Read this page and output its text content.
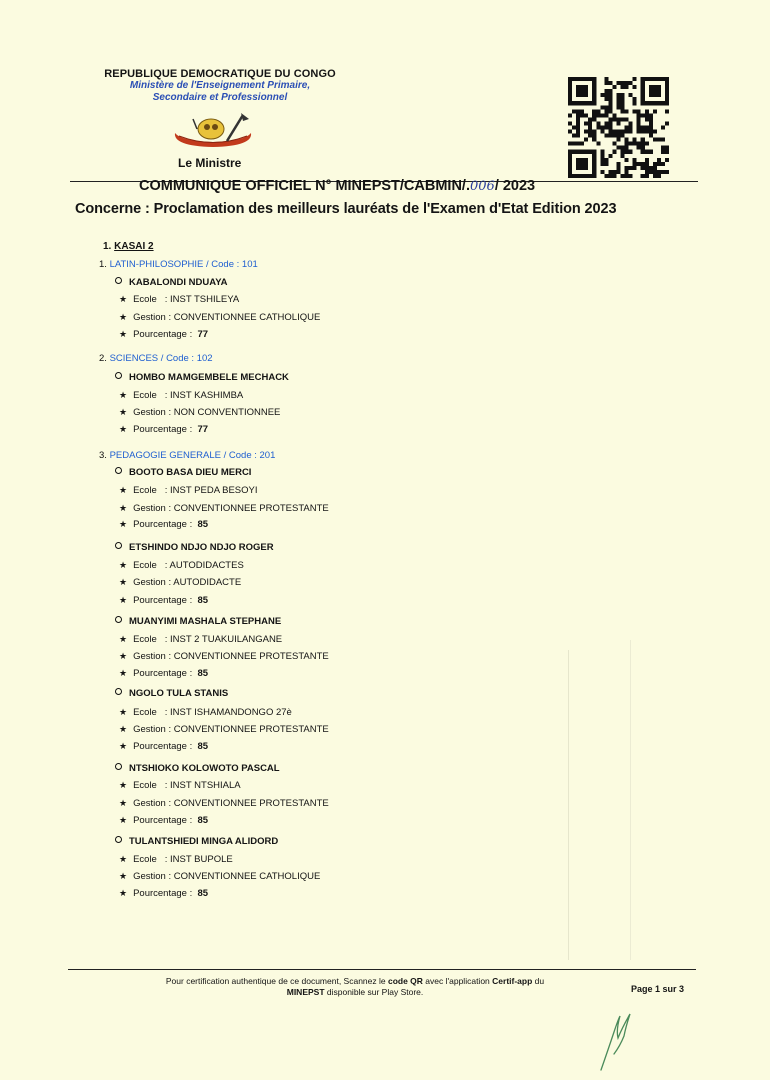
REPUBLIQUE DEMOCRATIQUE DU CONGO
Ministère de l'Enseignement Primaire,
Secondaire et Professionnel
Le Ministre
COMMUNIQUE OFFICIEL N° MINEPST/CABMIN/.006/ 2023
Concerne : Proclamation des meilleurs lauréats de l'Examen d'Etat Edition 2023
1. KASAI 2
1. LATIN-PHILOSOPHIE / Code : 101
KABALONDI NDUAYA
★ Ecole   : INST TSHILEYA
★ Gestion : CONVENTIONNEE CATHOLIQUE
★ Pourcentage :  77
2. SCIENCES / Code : 102
HOMBO MAMGEMBELE MECHACK
★ Ecole   : INST KASHIMBA
★ Gestion : NON CONVENTIONNEE
★ Pourcentage :  77
3. PEDAGOGIE GENERALE / Code : 201
BOOTO BASA DIEU MERCI
★ Ecole   : INST PEDA BESOYI
★ Gestion : CONVENTIONNEE PROTESTANTE
★ Pourcentage :  85
ETSHINDO NDJO NDJO ROGER
★ Ecole   : AUTODIDACTES
★ Gestion : AUTODIDACTE
★ Pourcentage :  85
MUANYIMI MASHALA STEPHANE
★ Ecole   : INST 2 TUAKUILANGANE
★ Gestion : CONVENTIONNEE PROTESTANTE
★ Pourcentage :  85
NGOLO TULA STANIS
★ Ecole   : INST ISHAMANDONGO 27è
★ Gestion : CONVENTIONNEE PROTESTANTE
★ Pourcentage :  85
NTSHIOKO KOLOWOTO PASCAL
★ Ecole   : INST NTSHIALA
★ Gestion : CONVENTIONNEE PROTESTANTE
★ Pourcentage :  85
TULANTSHIEDI MINGA ALIDORD
★ Ecole   : INST BUPOLE
★ Gestion : CONVENTIONNEE CATHOLIQUE
★ Pourcentage :  85
Pour certification authentique de ce document, Scannez le code QR avec l'application Certif-app du
MINEPST disponible sur Play Store.	Page 1 sur 3
